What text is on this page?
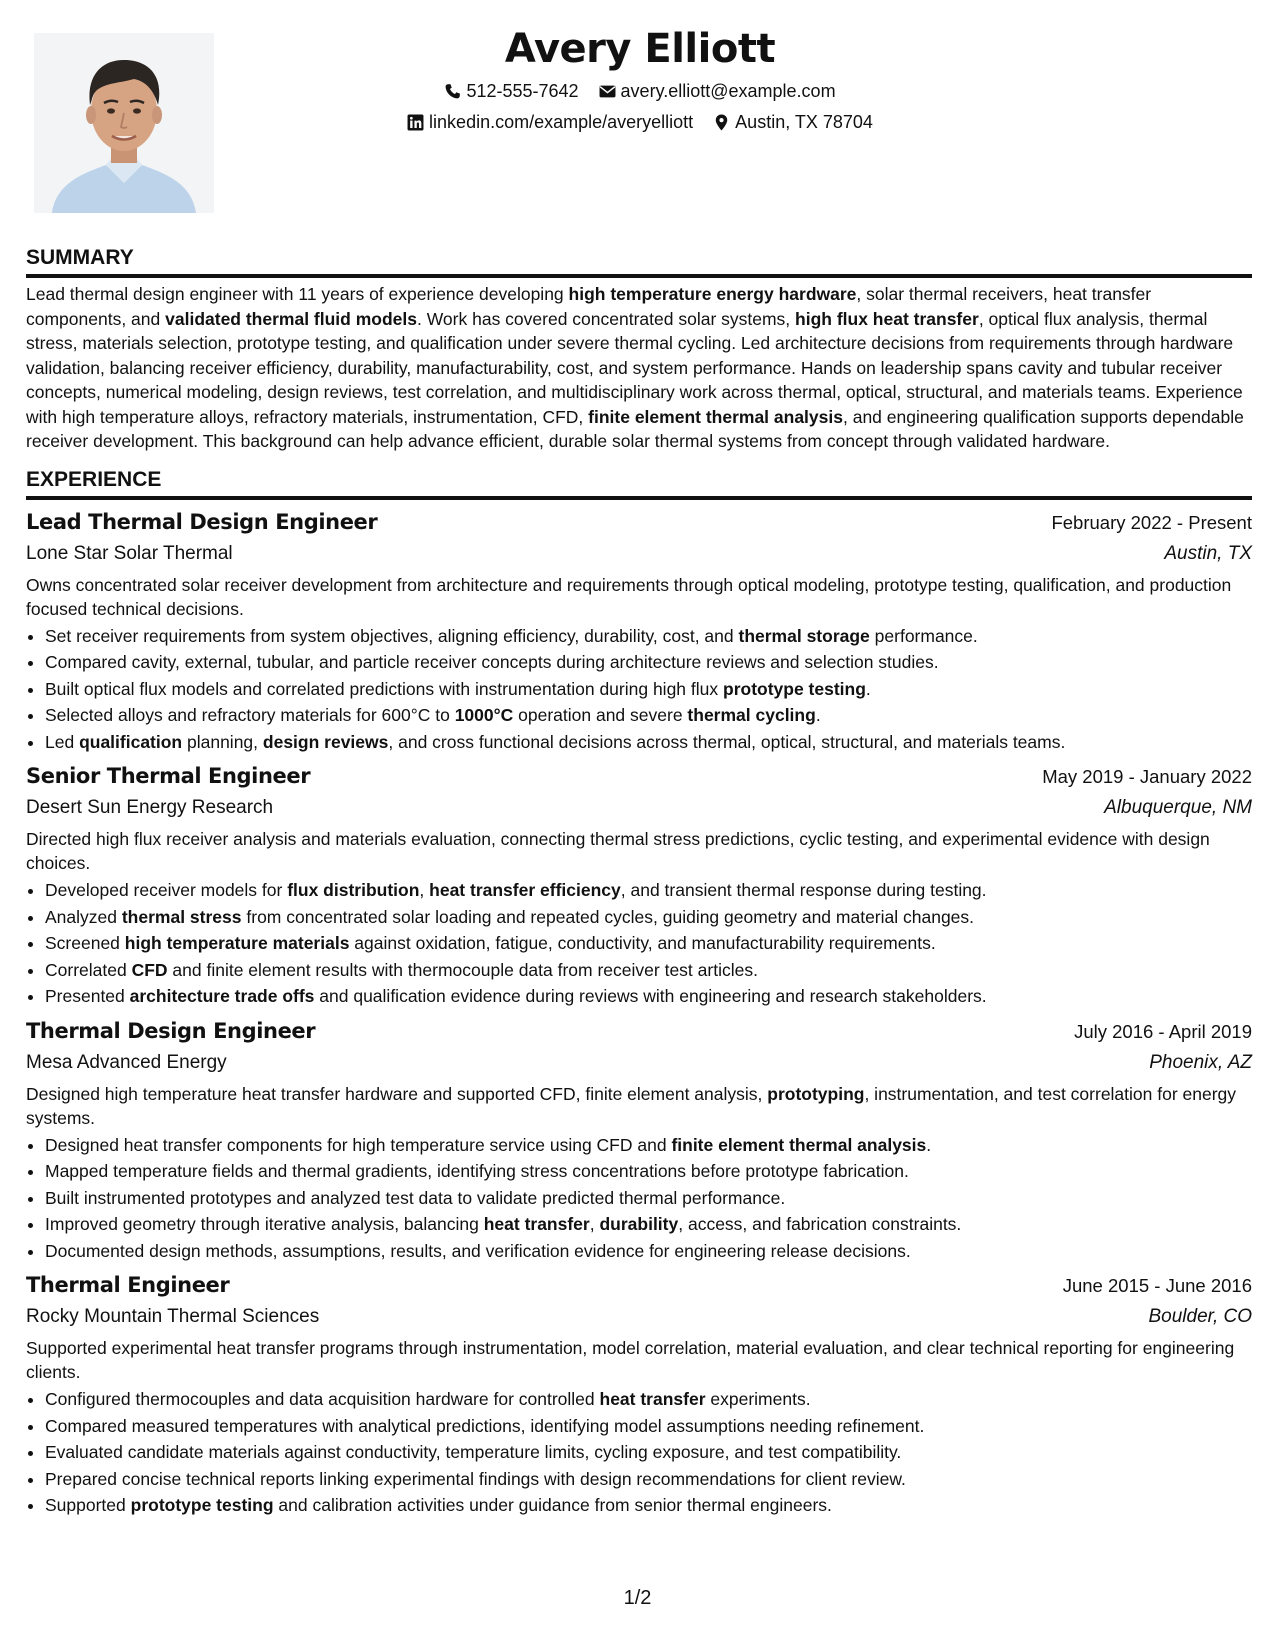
Avery Elliott
512-555-7642 avery.elliott@example.com
linkedin.com/example/averyelliott Austin, TX 78704
SUMMARY

Lead thermal design engineer with 11 years of experience developing high temperature energy hardware, solar thermal receivers, heat transfer components, and validated thermal fluid models. Work has covered concentrated solar systems, high flux heat transfer, optical flux analysis, thermal stress, materials selection, prototype testing, and qualification under severe thermal cycling. Led architecture decisions from requirements through hardware validation, balancing receiver efficiency, durability, manufacturability, cost, and system performance. Hands on leadership spans cavity and tubular receiver concepts, numerical modeling, design reviews, test correlation, and multidisciplinary work across thermal, optical, structural, and materials teams. Experience with high temperature alloys, refractory materials, instrumentation, CFD, finite element thermal analysis, and engineering qualification supports dependable receiver development. This background can help advance efficient, durable solar thermal systems from concept through validated hardware.

EXPERIENCE
Lead Thermal Design Engineer	February 2022 - Present
Lone Star Solar Thermal	Austin, TX

Owns concentrated solar receiver development from architecture and requirements through optical modeling, prototype testing, qualification, and production focused technical decisions.

• Set receiver requirements from system objectives, aligning efficiency, durability, cost, and thermal storage performance.
• Compared cavity, external, tubular, and particle receiver concepts during architecture reviews and selection studies.
• Built optical flux models and correlated predictions with instrumentation during high flux prototype testing.
• Selected alloys and refractory materials for 600°C to 1000°C operation and severe thermal cycling.
• Led qualification planning, design reviews, and cross functional decisions across thermal, optical, structural, and materials teams.
Senior Thermal Engineer	May 2019 - January 2022
Desert Sun Energy Research	Albuquerque, NM

Directed high flux receiver analysis and materials evaluation, connecting thermal stress predictions, cyclic testing, and experimental evidence with design choices.

• Developed receiver models for flux distribution, heat transfer efficiency, and transient thermal response during testing.
• Analyzed thermal stress from concentrated solar loading and repeated cycles, guiding geometry and material changes.
• Screened high temperature materials against oxidation, fatigue, conductivity, and manufacturability requirements.
• Correlated CFD and finite element results with thermocouple data from receiver test articles.
• Presented architecture trade offs and qualification evidence during reviews with engineering and research stakeholders.
Thermal Design Engineer	July 2016 - April 2019
Mesa Advanced Energy	Phoenix, AZ

Designed high temperature heat transfer hardware and supported CFD, finite element analysis, prototyping, instrumentation, and test correlation for energy systems.

• Designed heat transfer components for high temperature service using CFD and finite element thermal analysis.
• Mapped temperature fields and thermal gradients, identifying stress concentrations before prototype fabrication.
• Built instrumented prototypes and analyzed test data to validate predicted thermal performance.
• Improved geometry through iterative analysis, balancing heat transfer, durability, access, and fabrication constraints.
• Documented design methods, assumptions, results, and verification evidence for engineering release decisions.
Thermal Engineer	June 2015 - June 2016
Rocky Mountain Thermal Sciences	Boulder, CO

Supported experimental heat transfer programs through instrumentation, model correlation, material evaluation, and clear technical reporting for engineering clients.

• Configured thermocouples and data acquisition hardware for controlled heat transfer experiments.
• Compared measured temperatures with analytical predictions, identifying model assumptions needing refinement.
• Evaluated candidate materials against conductivity, temperature limits, cycling exposure, and test compatibility.
• Prepared concise technical reports linking experimental findings with design recommendations for client review.
• Supported prototype testing and calibration activities under guidance from senior thermal engineers.
1/2
